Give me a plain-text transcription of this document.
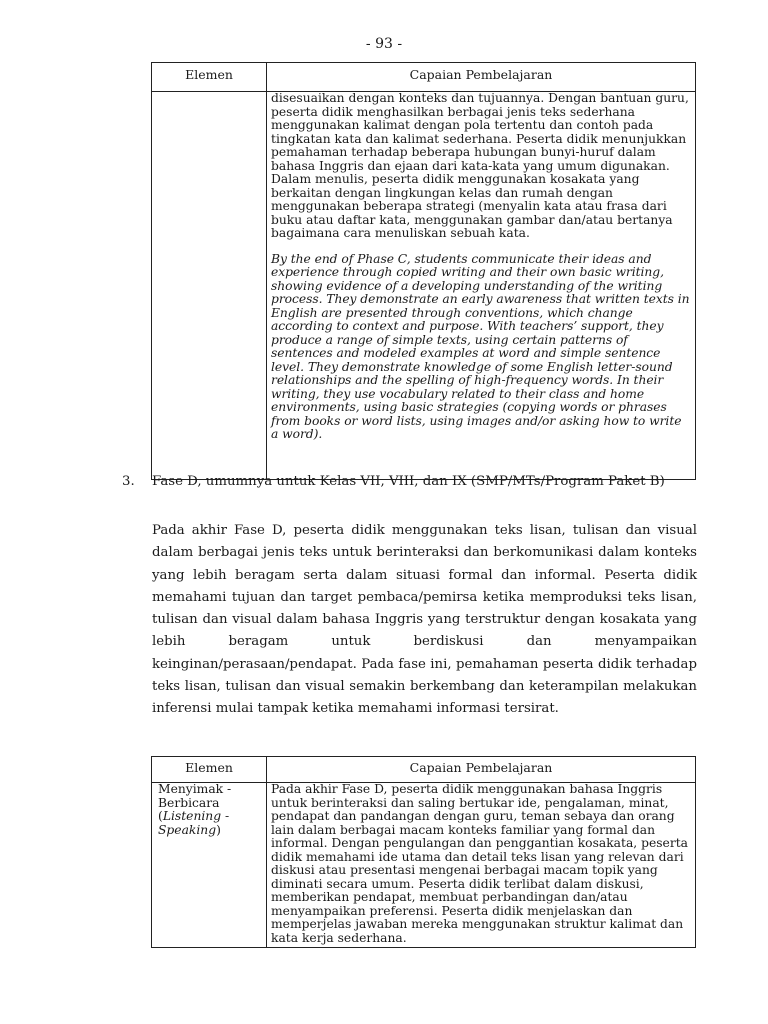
- 93 -
Elemen	Capaian Pembelajaran

	disesuaikan dengan konteks dan tujuannya. Dengan bantuan guru, peserta didik menghasilkan berbagai jenis teks sederhana menggunakan kalimat dengan pola tertentu dan contoh pada tingkatan kata dan kalimat sederhana. Peserta didik menunjukkan pemahaman terhadap beberapa hubungan bunyi-huruf dalam bahasa Inggris dan ejaan dari kata-kata yang umum digunakan. Dalam menulis, peserta didik menggunakan kosakata yang berkaitan dengan lingkungan kelas dan rumah dengan menggunakan beberapa strategi (menyalin kata atau frasa dari buku atau daftar kata, menggunakan gambar dan/atau bertanya bagaimana cara menuliskan sebuah kata.

By the end of Phase C, students communicate their ideas and experience through copied writing and their own basic writing, showing evidence of a developing understanding of the writing process. They demonstrate an early awareness that written texts in English are presented through conventions, which change according to context and purpose. With teachers’ support, they produce a range of simple texts, using certain patterns of sentences and modeled examples at word and simple sentence level. They demonstrate knowledge of some English letter-sound relationships and the spelling of high-frequency words. In their writing, they use vocabulary related to their class and home environments, using basic strategies (copying words or phrases from books or word lists, using images and/or asking how to write a word).

3. Fase D, umumnya untuk Kelas VII, VIII, dan IX (SMP/MTs/Program Paket B)

Pada akhir Fase D, peserta didik menggunakan teks lisan, tulisan dan visual dalam berbagai jenis teks untuk berinteraksi dan berkomunikasi dalam konteks yang lebih beragam serta dalam situasi formal dan informal. Peserta didik memahami tujuan dan target pembaca/pemirsa ketika memproduksi teks lisan, tulisan dan visual dalam bahasa Inggris yang terstruktur dengan kosakata yang lebih beragam untuk berdiskusi dan menyampaikan keinginan/perasaan/pendapat. Pada fase ini, pemahaman peserta didik terhadap teks lisan, tulisan dan visual semakin berkembang dan keterampilan melakukan inferensi mulai tampak ketika memahami informasi tersirat.

Elemen	Capaian Pembelajaran
Menyimak - Berbicara
(Listening - Speaking)	Pada akhir Fase D, peserta didik menggunakan bahasa Inggris untuk berinteraksi dan saling bertukar ide, pengalaman, minat, pendapat dan pandangan dengan guru, teman sebaya dan orang lain dalam berbagai macam konteks familiar yang formal dan informal. Dengan pengulangan dan penggantian kosakata, peserta didik memahami ide utama dan detail teks lisan yang relevan dari diskusi atau presentasi mengenai berbagai macam topik yang diminati secara umum. Peserta didik terlibat dalam diskusi, memberikan pendapat, membuat perbandingan dan/atau menyampaikan preferensi. Peserta didik menjelaskan dan memperjelas jawaban mereka menggunakan struktur kalimat dan kata kerja sederhana.
